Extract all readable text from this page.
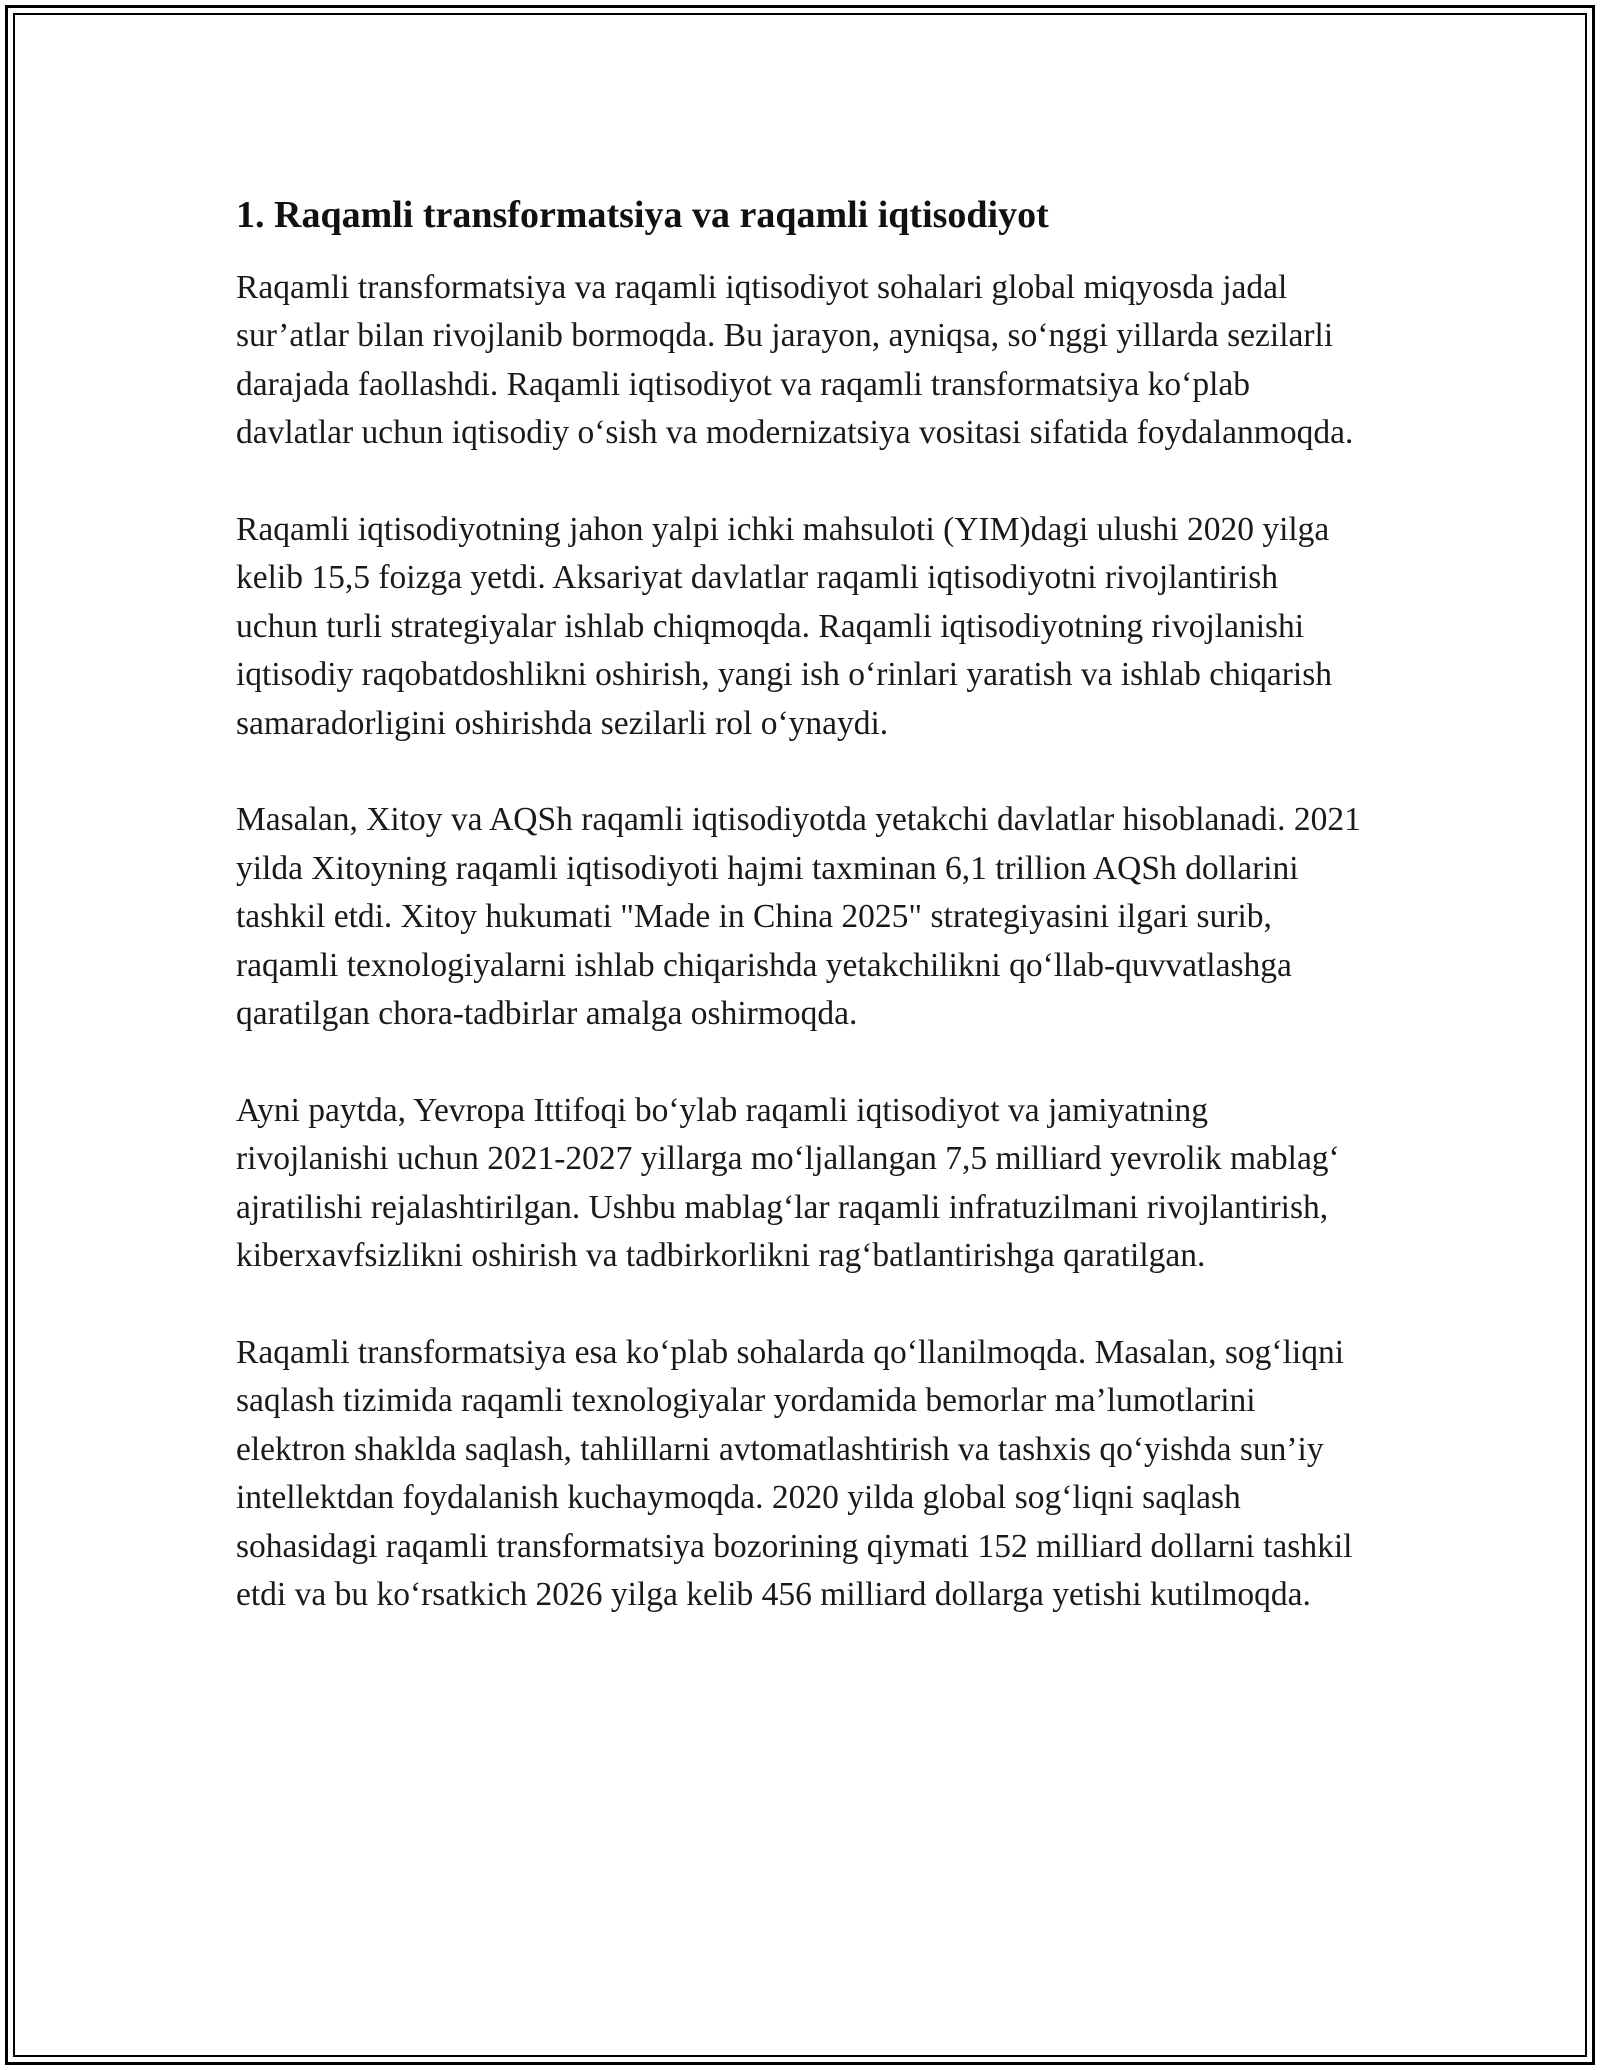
1. Raqamli transformatsiya va raqamli iqtisodiyot

Raqamli transformatsiya va raqamli iqtisodiyot sohalari global miqyosda jadal sur’atlar bilan rivojlanib bormoqda. Bu jarayon, ayniqsa, so‘nggi yillarda sezilarli darajada faollashdi. Raqamli iqtisodiyot va raqamli transformatsiya ko‘plab davlatlar uchun iqtisodiy o‘sish va modernizatsiya vositasi sifatida foydalanmoqda.

Raqamli iqtisodiyotning jahon yalpi ichki mahsuloti (YIM)dagi ulushi 2020 yilga kelib 15,5 foizga yetdi. Aksariyat davlatlar raqamli iqtisodiyotni rivojlantirish uchun turli strategiyalar ishlab chiqmoqda. Raqamli iqtisodiyotning rivojlanishi iqtisodiy raqobatdoshlikni oshirish, yangi ish o‘rinlari yaratish va ishlab chiqarish samaradorligini oshirishda sezilarli rol o‘ynaydi.

Masalan, Xitoy va AQSh raqamli iqtisodiyotda yetakchi davlatlar hisoblanadi. 2021 yilda Xitoyning raqamli iqtisodiyoti hajmi taxminan 6,1 trillion AQSh dollarini tashkil etdi. Xitoy hukumati "Made in China 2025" strategiyasini ilgari surib, raqamli texnologiyalarni ishlab chiqarishda yetakchilikni qo‘llab-quvvatlashga qaratilgan chora-tadbirlar amalga oshirmoqda.

Ayni paytda, Yevropa Ittifoqi bo‘ylab raqamli iqtisodiyot va jamiyatning rivojlanishi uchun 2021-2027 yillarga mo‘ljallangan 7,5 milliard yevrolik mablag‘ ajratilishi rejalashtirilgan. Ushbu mablag‘lar raqamli infratuzilmani rivojlantirish, kiberxavfsizlikni oshirish va tadbirkorlikni rag‘batlantirishga qaratilgan.

Raqamli transformatsiya esa ko‘plab sohalarda qo‘llanilmoqda. Masalan, sog‘liqni saqlash tizimida raqamli texnologiyalar yordamida bemorlar ma’lumotlarini elektron shaklda saqlash, tahlillarni avtomatlashtirish va tashxis qo‘yishda sun’iy intellektdan foydalanish kuchaymoqda. 2020 yilda global sog‘liqni saqlash sohasidagi raqamli transformatsiya bozorining qiymati 152 milliard dollarni tashkil etdi va bu ko‘rsatkich 2026 yilga kelib 456 milliard dollarga yetishi kutilmoqda.
